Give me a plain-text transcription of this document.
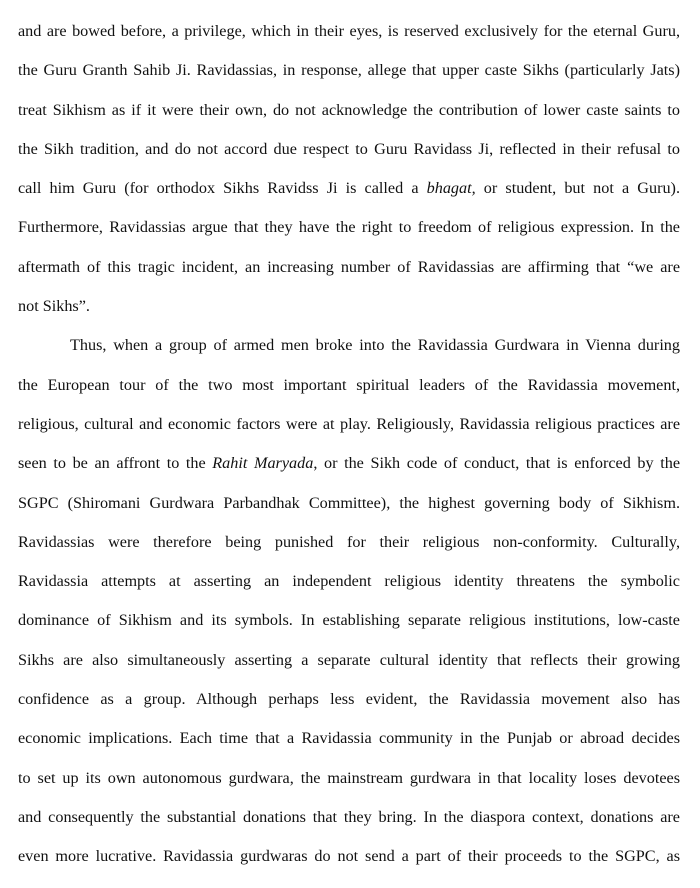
and are bowed before, a privilege, which in their eyes, is reserved exclusively for the eternal Guru,

the Guru Granth Sahib Ji. Ravidassias, in response, allege that upper caste Sikhs (particularly Jats)

treat Sikhism as if it were their own, do not acknowledge the contribution of lower caste saints to

the Sikh tradition, and do not accord due respect to Guru Ravidass Ji, reflected in their refusal to

call him Guru (for orthodox Sikhs Ravidss Ji is called a bhagat, or student, but not a Guru).

Furthermore, Ravidassias argue that they have the right to freedom of religious expression. In the

aftermath of this tragic incident, an increasing number of Ravidassias are affirming that “we are

not Sikhs”.

Thus, when a group of armed men broke into the Ravidassia Gurdwara in Vienna during

the European tour of the two most important spiritual leaders of the Ravidassia movement,

religious, cultural and economic factors were at play. Religiously, Ravidassia religious practices are

seen to be an affront to the Rahit Maryada, or the Sikh code of conduct, that is enforced by the

SGPC (Shiromani Gurdwara Parbandhak Committee), the highest governing body of Sikhism.

Ravidassias were therefore being punished for their religious non-conformity. Culturally,

Ravidassia attempts at asserting an independent religious identity threatens the symbolic

dominance of Sikhism and its symbols. In establishing separate religious institutions, low-caste

Sikhs are also simultaneously asserting a separate cultural identity that reflects their growing

confidence as a group. Although perhaps less evident, the Ravidassia movement also has

economic implications. Each time that a Ravidassia community in the Punjab or abroad decides

to set up its own autonomous gurdwara, the mainstream gurdwara in that locality loses devotees

and consequently the substantial donations that they bring. In the diaspora context, donations are

even more lucrative. Ravidassia gurdwaras do not send a part of their proceeds to the SGPC, as
